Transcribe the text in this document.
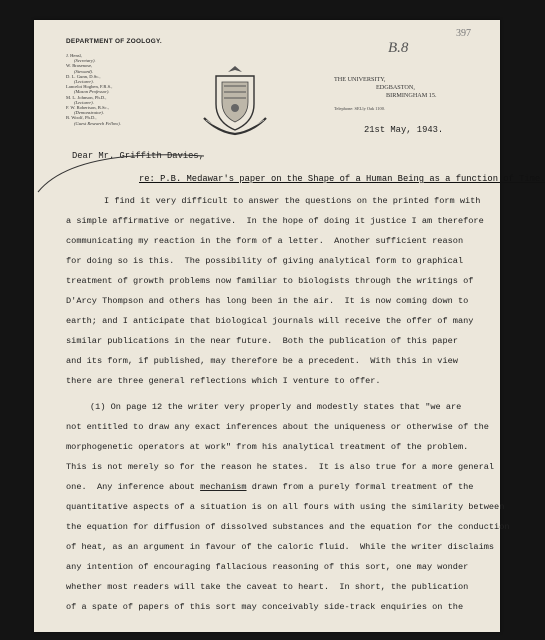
397
B.8
DEPARTMENT OF ZOOLOGY.
J. Hensl,
(Secretary).
W. Brasenose,
(Steward).
D. L. Gunn, D.Sc.,
(Lecturer).
Lancelot Hogben, F.R.S.,
(Mason Professor).
M. L. Johnson, Ph.D.,
(Lecturer).
F. W. Robertson, B.Sc.,
(Demonstrator).
B. Woolf, Ph.D.,
(Guest Research Fellow).
THE UNIVERSITY,
EDGBASTON,
BIRMINGHAM 15.
Telephone: SELly Oak 1100.
21st May, 1943.
Dear Mr. Griffith Davies,
re: P.B. Medawar's paper on the Shape of a Human Being as a function of Time.
I find it very difficult to answer the questions on the printed form with
a simple affirmative or negative.  In the hope of doing it justice I am therefore
communicating my reaction in the form of a letter.  Another sufficient reason
for doing so is this.  The possibility of giving analytical form to graphical
treatment of growth problems now familiar to biologists through the writings of
D'Arcy Thompson and others has long been in the air.  It is now coming down to
earth; and I anticipate that biological journals will receive the offer of many
similar publications in the near future.  Both the publication of this paper
and its form, if published, may therefore be a precedent.  With this in view
there are three general reflections which I venture to offer.
(1) On page 12 the writer very properly and modestly states that "we are
not entitled to draw any exact inferences about the uniqueness or otherwise of the
morphogenetic operators at work" from his analytical treatment of the problem.
This is not merely so for the reason he states.  It is also true for a more general
one.  Any inference about mechanism drawn from a purely formal treatment of the
quantitative aspects of a situation is on all fours with using the similarity between
the equation for diffusion of dissolved substances and the equation for the conduction
of heat, as an argument in favour of the caloric fluid.  While the writer disclaims
any intention of encouraging fallacious reasoning of this sort, one may wonder
whether most readers will take the caveat to heart.  In short, the publication
of a spate of papers of this sort may conceivably side-track enquiries on the
